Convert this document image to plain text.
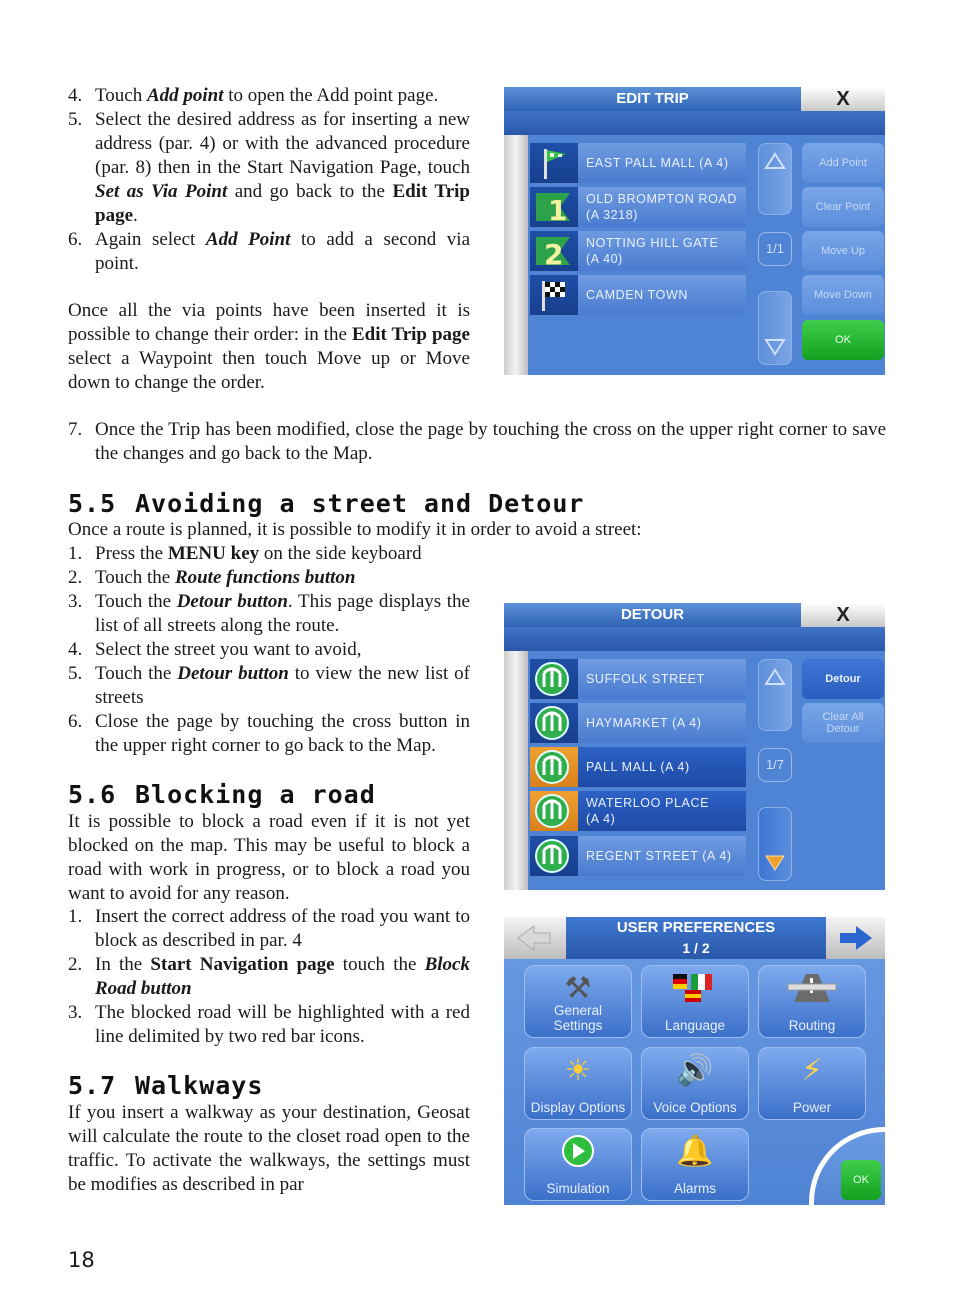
4. Touch Add point to open the Add point page.
5. Select the desired address as for inserting a new address (par. 4) or with the advanced procedure (par. 8) then in the Start Navigation Page, touch Set as Via Point and go back to the Edit Trip page.
6. Again select Add Point to add a second via point.
Once all the via points have been inserted it is possible to change their order: in the Edit Trip page select a Waypoint then touch Move up or Move down to change the order.
7. Once the Trip has been modified, close the page by touching the cross on the upper right corner to save the changes and go back to the Map.
5.5 Avoiding a street and Detour
Once a route is planned, it is possible to modify it in order to avoid a street:
1. Press the MENU key on the side keyboard
2. Touch the Route functions button
3. Touch the Detour button. This page displays the list of all streets along the route.
4. Select the street you want to avoid,
5. Touch the Detour button to view the new list of streets
6. Close the page by touching the cross button in the upper right corner to go back to the Map.
5.6 Blocking a road
It is possible to block a road even if it is not yet blocked on the map. This may be useful to block a road with work in progress, or to block a road you want to avoid for any reason.
1. Insert the correct address of the road you want to block as described in par. 4
2. In the Start Navigation page touch the Block Road button
3. The blocked road will be highlighted with a red line delimited by two red bar icons.
5.7 Walkways
If you insert a walkway as your destination, Geosat will calculate the route to the closet road open to the traffic. To activate the walkways, the settings must be modifies as described in par
18
EDIT TRIP	X
EAST PALL MALL (A 4)
1 OLD BROMPTON ROAD
(A 3218)
2 NOTTING HILL GATE
(A 40)
CAMDEN TOWN
1/1
Add Point
Clear Point
Move Up
Move Down
OK
DETOUR	X
SUFFOLK STREET
HAYMARKET (A 4)
PALL MALL (A 4)
WATERLOO PLACE
(A 4)
REGENT STREET (A 4)
1/7
Detour
Clear All
Detour
USER PREFERENCES
1 / 2
⚒
General
Settings	Language	Routing
☀
Display Options
🔊
Voice Options
⚡
Power
Simulation
🔔
Alarms
OK
